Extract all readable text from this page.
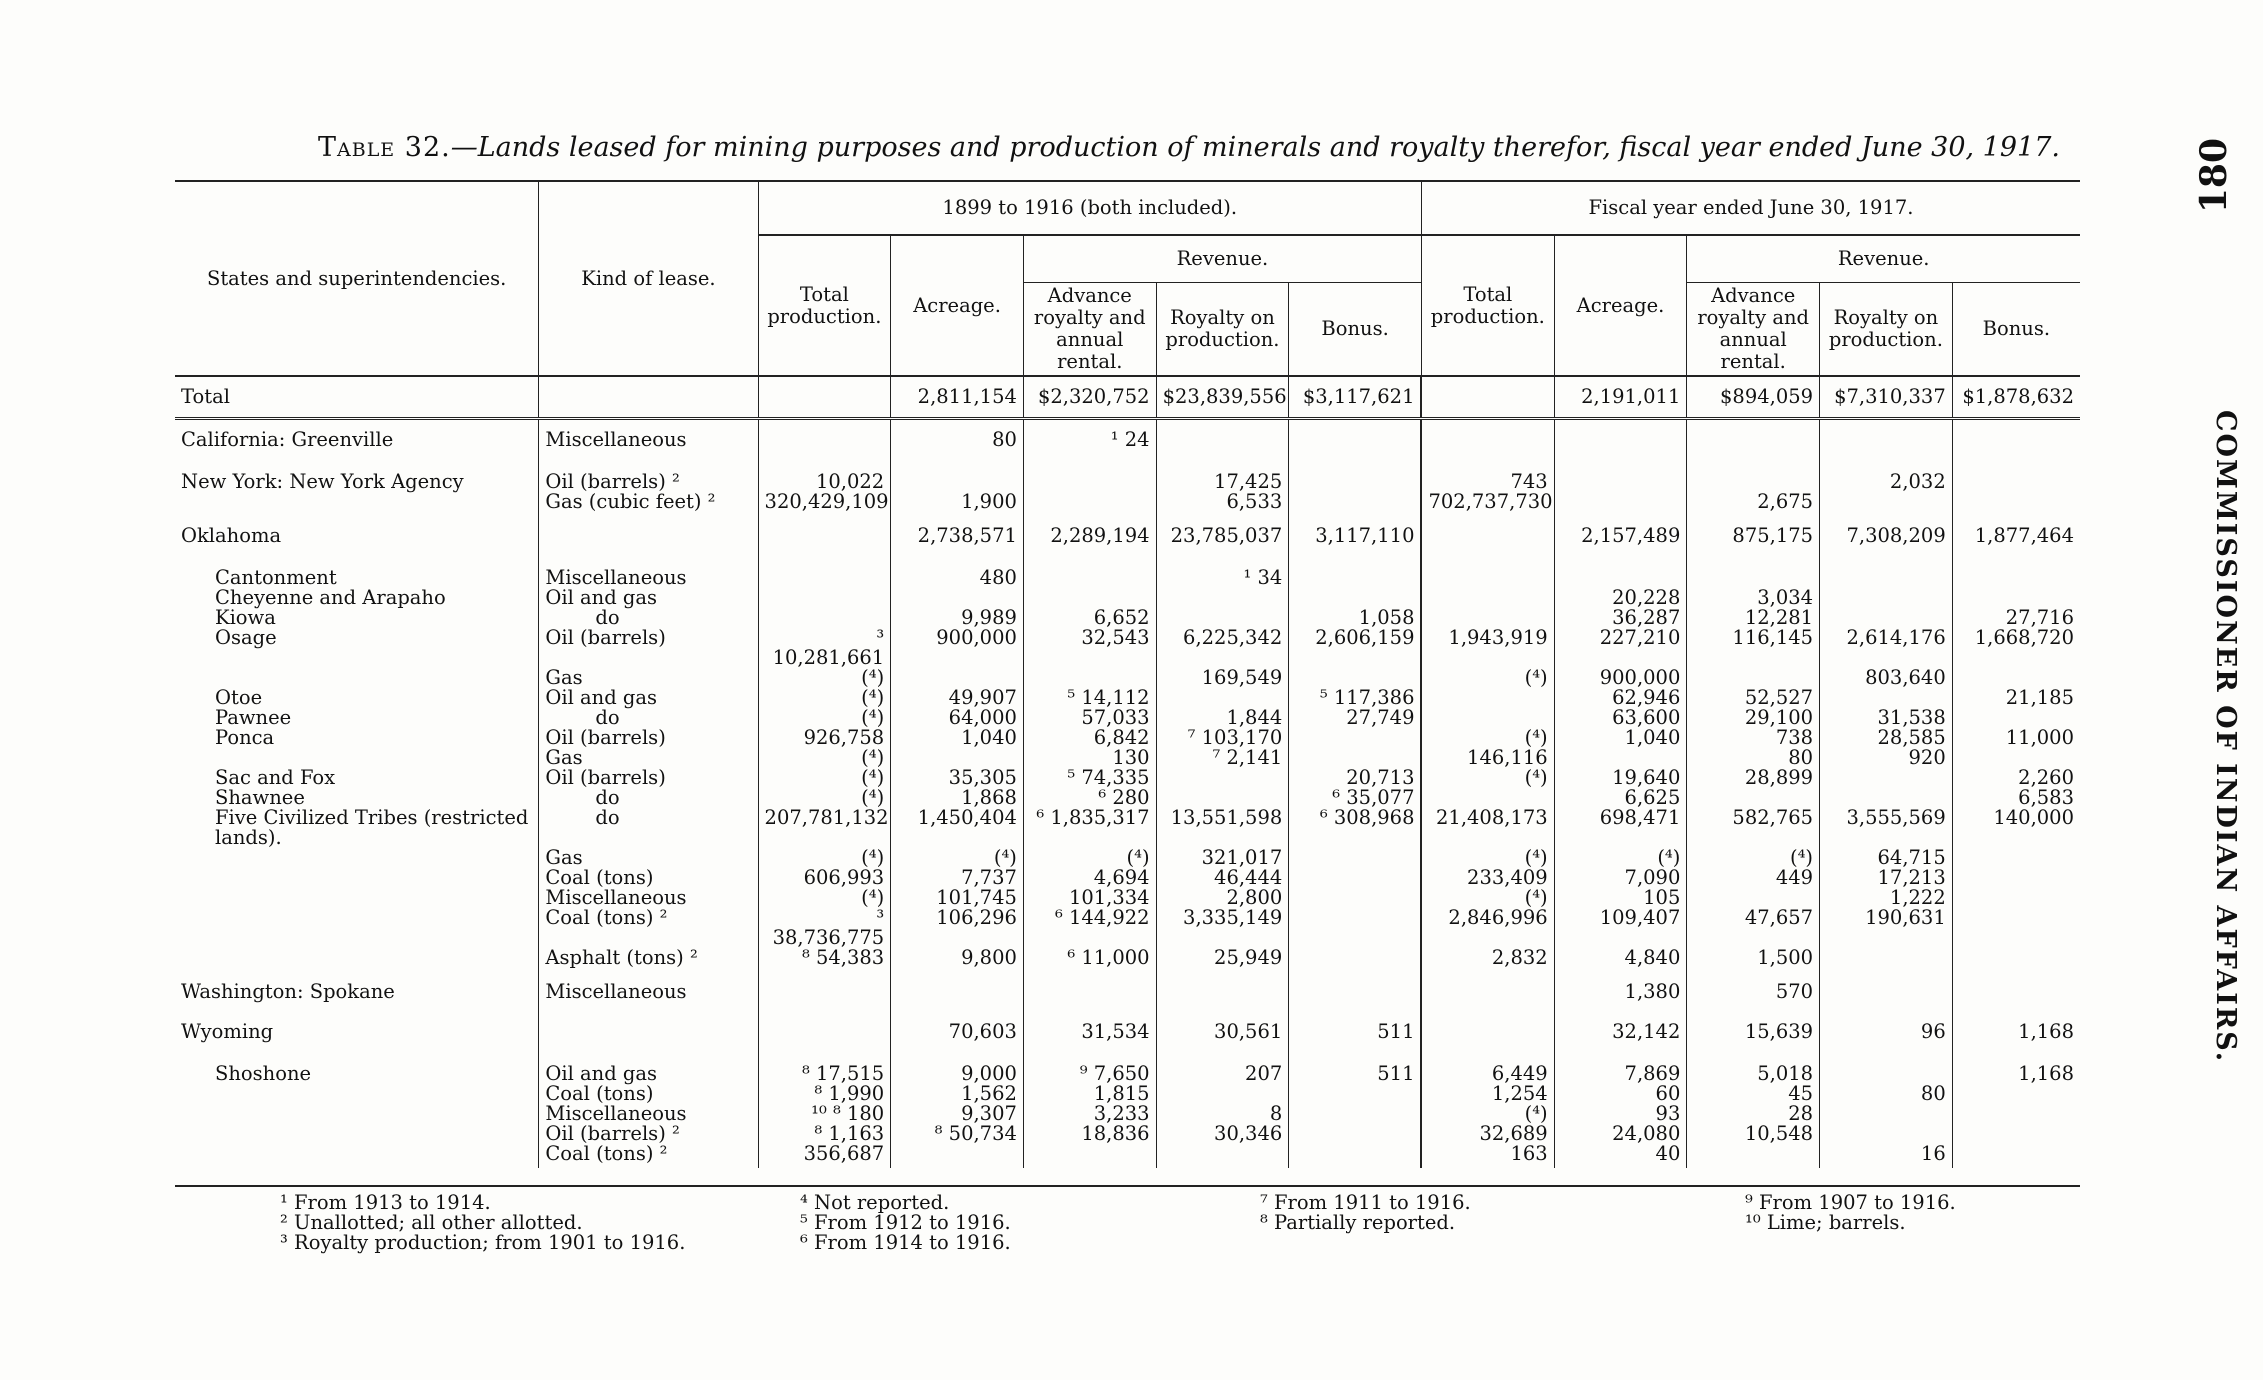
Table 32.—Lands leased for mining purposes and production of minerals and royalty therefor, fiscal year ended June 30, 1917.	180
COMMISSIONER OF INDIAN AFFAIRS.
States and superintendencies.	Kind of lease.	1899 to 1916 (both included).					Fiscal year ended June 30, 1917.				
		Total production.	Acreage.	Revenue.			Total production.	Acreage.	Revenue.		
				Advance royalty and annual rental.	Royalty on production.	Bonus.			Advance royalty and annual rental.	Royalty on production.	Bonus.
Total			2,811,154	$2,320,752	$23,839,556	$3,117,621		2,191,011	$894,059	$7,310,337	$1,878,632
California: Greenville	Miscellaneous		80	¹ 24							
New York: New York Agency	Oil (barrels) ²	10,022			17,425		743			2,032	
	Gas (cubic feet) ²	320,429,109	1,900		6,533		702,737,730		2,675		
Oklahoma			2,738,571	2,289,194	23,785,037	3,117,110		2,157,489	875,175	7,308,209	1,877,464
Cantonment	Miscellaneous		480		¹ 34						
Cheyenne and Arapaho	Oil and gas							20,228	3,034		
Kiowa	do		9,989	6,652		1,058		36,287	12,281		27,716
Osage	Oil (barrels)	³ 10,281,661	900,000	32,543	6,225,342	2,606,159	1,943,919	227,210	116,145	2,614,176	1,668,720
	Gas	(⁴)			169,549		(⁴)	900,000		803,640	
Otoe	Oil and gas	(⁴)	49,907	⁵ 14,112		⁵ 117,386		62,946	52,527		21,185
Pawnee	do	(⁴)	64,000	57,033	1,844	27,749		63,600	29,100	31,538	
Ponca	Oil (barrels)	926,758	1,040	6,842	⁷ 103,170		(⁴)	1,040	738	28,585	11,000
	Gas	(⁴)		130	⁷ 2,141		146,116		80	920	
Sac and Fox	Oil (barrels)	(⁴)	35,305	⁵ 74,335		20,713	(⁴)	19,640	28,899		2,260
Shawnee	do	(⁴)	1,868	⁶ 280		⁶ 35,077		6,625			6,583
Five Civilized Tribes (restricted lands).	do	207,781,132	1,450,404	⁶ 1,835,317	13,551,598	⁶ 308,968	21,408,173	698,471	582,765	3,555,569	140,000
	Gas	(⁴)	(⁴)	(⁴)	321,017		(⁴)	(⁴)	(⁴)	64,715	
	Coal (tons)	606,993	7,737	4,694	46,444		233,409	7,090	449	17,213	
	Miscellaneous	(⁴)	101,745	101,334	2,800		(⁴)	105		1,222	
	Coal (tons) ²	³ 38,736,775	106,296	⁶ 144,922	3,335,149		2,846,996	109,407	47,657	190,631	
	Asphalt (tons) ²	⁸ 54,383	9,800	⁶ 11,000	25,949		2,832	4,840	1,500		
Washington: Spokane	Miscellaneous							1,380	570		
Wyoming			70,603	31,534	30,561	511		32,142	15,639	96	1,168
Shoshone	Oil and gas	⁸ 17,515	9,000	⁹ 7,650	207	511	6,449	7,869	5,018		1,168
	Coal (tons)	⁸ 1,990	1,562	1,815			1,254	60	45	80	
	Miscellaneous	¹⁰ ⁸ 180	9,307	3,233	8		(⁴)	93	28		
	Oil (barrels) ²	⁸ 1,163	⁸ 50,734	18,836	30,346		32,689	24,080	10,548		
	Coal (tons) ²	356,687					163	40		16	
¹ From 1913 to 1914.
² Unallotted; all other allotted.
³ Royalty production; from 1901 to 1916.
⁴ Not reported.
⁵ From 1912 to 1916.
⁶ From 1914 to 1916.
⁷ From 1911 to 1916.
⁸ Partially reported.
⁹ From 1907 to 1916.
¹⁰ Lime; barrels.
